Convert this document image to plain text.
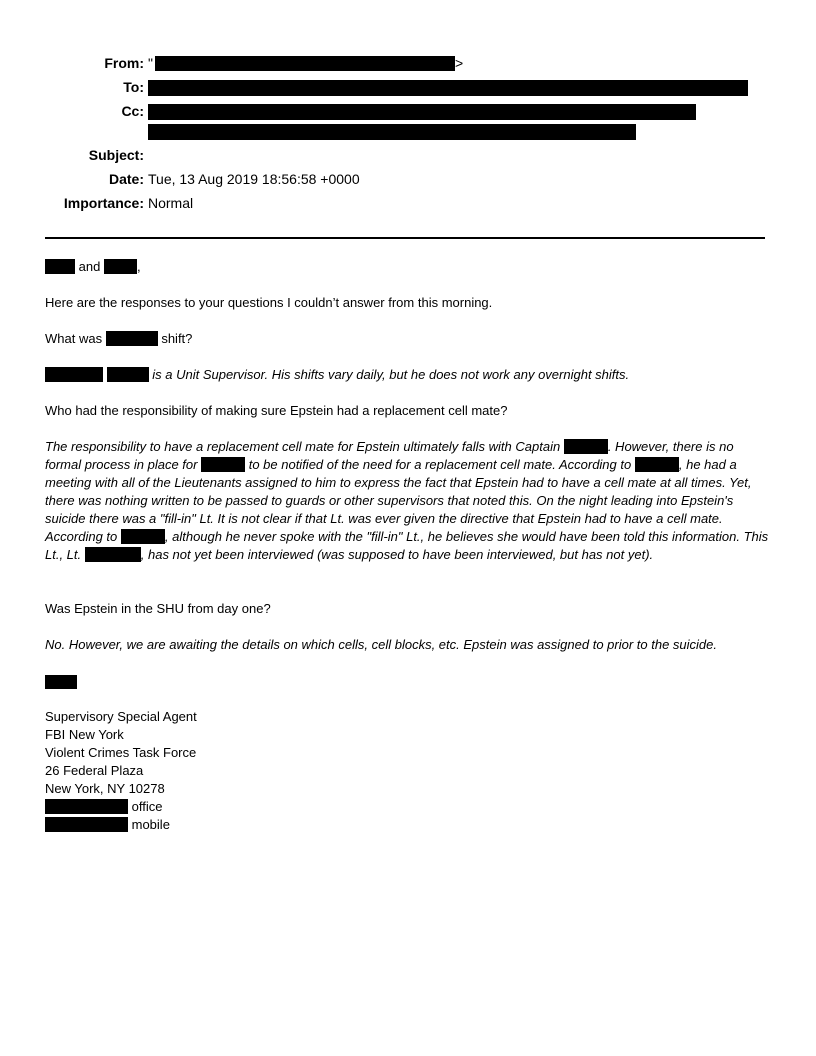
From: "	>
To:
Cc:
Subject:
Date: Tue, 13 Aug 2019 18:56:58 +0000
Importance: Normal
and	,
Here are the responses to your questions I couldn’t answer from this morning.
What was	shift?
is a Unit Supervisor. His shifts vary daily, but he does not work any overnight shifts.
Who had the responsibility of making sure Epstein had a replacement cell mate?
The responsibility to have a replacement cell mate for Epstein ultimately falls with Captain	. However, there is no formal process in place for	to be notified of the need for a replacement cell mate. According to	, he had a meeting with all of the Lieutenants assigned to him to express the fact that Epstein had to have a cell mate at all times. Yet, there was nothing written to be passed to guards or other supervisors that noted this. On the night leading into Epstein's suicide there was a "fill-in" Lt. It is not clear if that Lt. was ever given the directive that Epstein had to have a cell mate. According to	, although he never spoke with the "fill-in" Lt., he believes she would have been told this information. This Lt., Lt.	, has not yet been interviewed (was supposed to have been interviewed, but has not yet).
Was Epstein in the SHU from day one?
No. However, we are awaiting the details on which cells, cell blocks, etc. Epstein was assigned to prior to the suicide.
Supervisory Special Agent
FBI New York
Violent Crimes Task Force
26 Federal Plaza
New York, NY 10278
office
mobile
